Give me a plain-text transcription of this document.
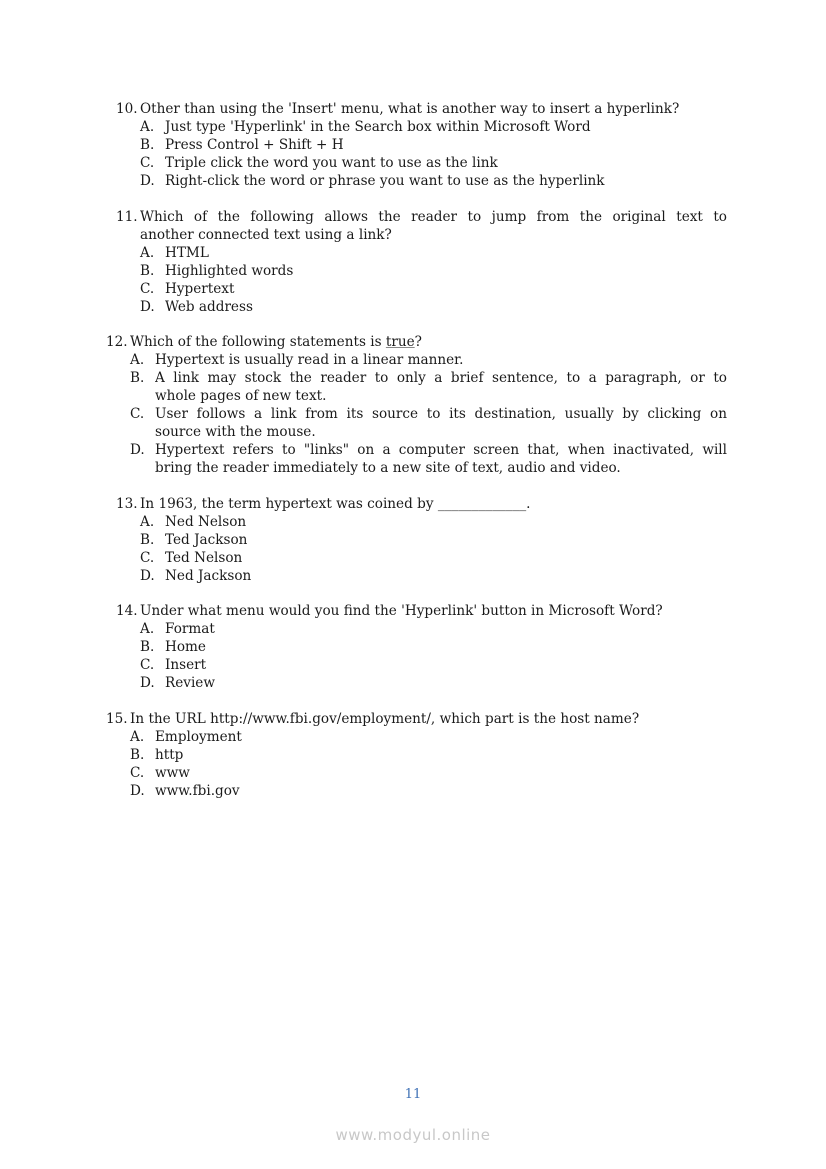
10. Other than using the 'Insert' menu, what is another way to insert a hyperlink?
A. Just type 'Hyperlink' in the Search box within Microsoft Word
B. Press Control + Shift + H
C. Triple click the word you want to use as the link
D. Right-click the word or phrase you want to use as the hyperlink
11. Which of the following allows the reader to jump from the original text to
another connected text using a link?
A. HTML
B. Highlighted words
C. Hypertext
D. Web address
12. Which of the following statements is true?
A. Hypertext is usually read in a linear manner.
B. A link may stock the reader to only a brief sentence, to a paragraph, or to
whole pages of new text.
C. User follows a link from its source to its destination, usually by clicking on
source with the mouse.
D. Hypertext refers to "links" on a computer screen that, when inactivated, will
bring the reader immediately to a new site of text, audio and video.
13. In 1963, the term hypertext was coined by _____________.
A. Ned Nelson
B. Ted Jackson
C. Ted Nelson
D. Ned Jackson
14. Under what menu would you find the 'Hyperlink' button in Microsoft Word?
A. Format
B. Home
C. Insert
D. Review
15. In the URL http://www.fbi.gov/employment/, which part is the host name?
A. Employment
B. http
C. www
D. www.fbi.gov
11
www.modyul.online
